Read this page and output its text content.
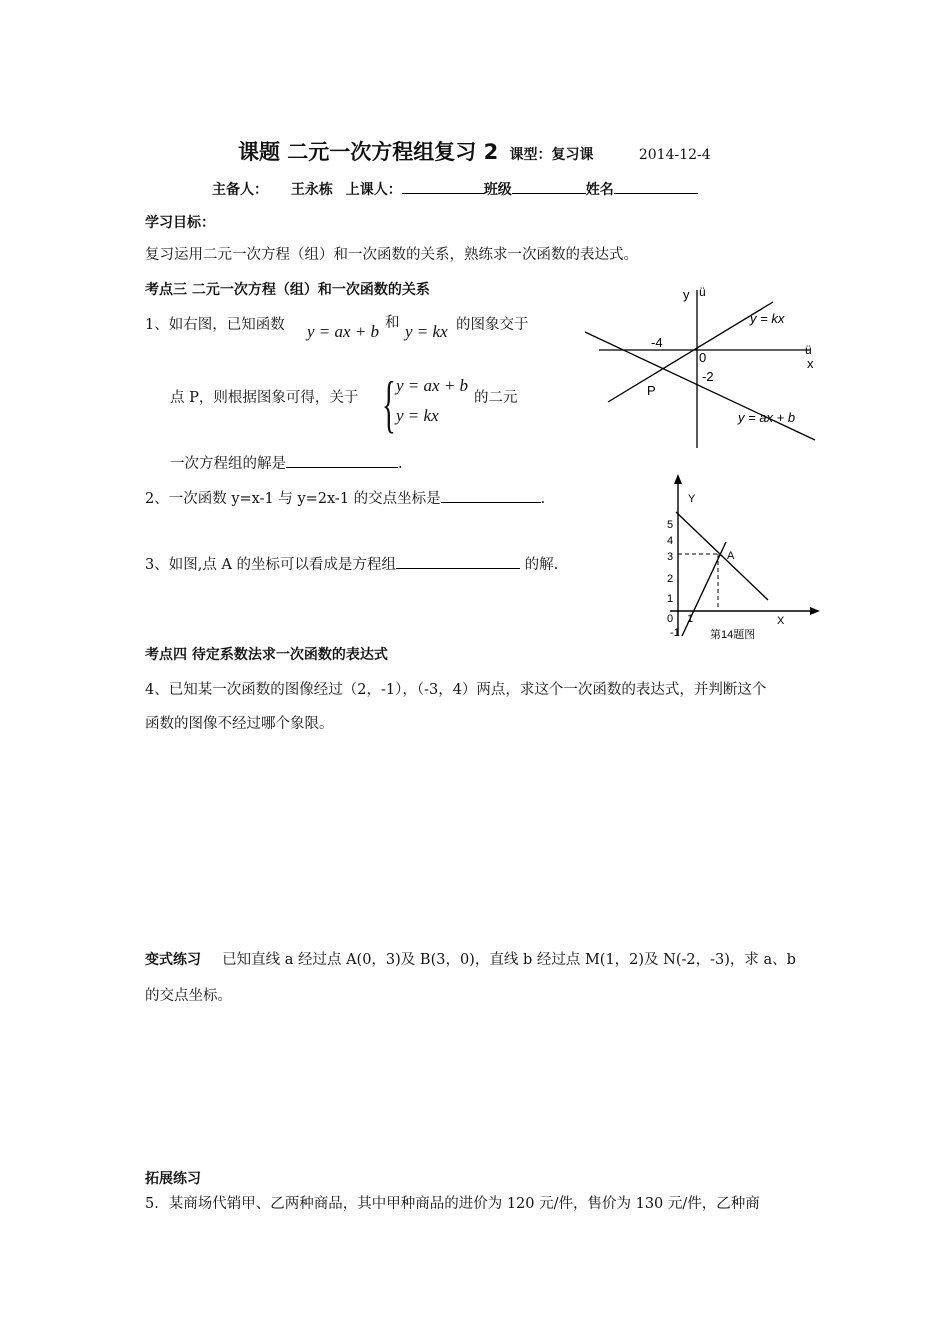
课题 二元一次方程组复习 2 课型：复习课	2014-12-4
主备人： 王永栋 上课人：	班级	姓名
学习目标：
复习运用二元一次方程（组）和一次函数的关系，熟练求一次函数的表达式。
考点三 二元一次方程（组）和一次函数的关系
1、如右图，已知函数 y = ax + b 和 y = kx 的图象交于
点 P，则根据图象可得，关于 { y = ax + b
y = kx
的二元
一次方程组的解是	.
2、一次函数 y=x-1 与 y=2x-1 的交点坐标是	.
3、如图,点 A 的坐标可以看成是方程组	的解.
y ü
ü
x
y = kx
y = ax + b
-4
0
-2
P
Y
X
5
4
3
2
1
0 1
-1
A
第14题图
考点四 待定系数法求一次函数的表达式
4、已知某一次函数的图像经过（2，-1），（-3，4）两点，求这个一次函数的表达式，并判断这个
函数的图像不经过哪个象限。
变式练习 已知直线 a 经过点 A(0，3)及 B(3，0)，直线 b 经过点 M(1，2)及 N(-2，-3)，求 a、b
的交点坐标。
拓展练习
5．某商场代销甲、乙两种商品，其中甲种商品的进价为 120 元/件，售价为 130 元/件，乙种商
